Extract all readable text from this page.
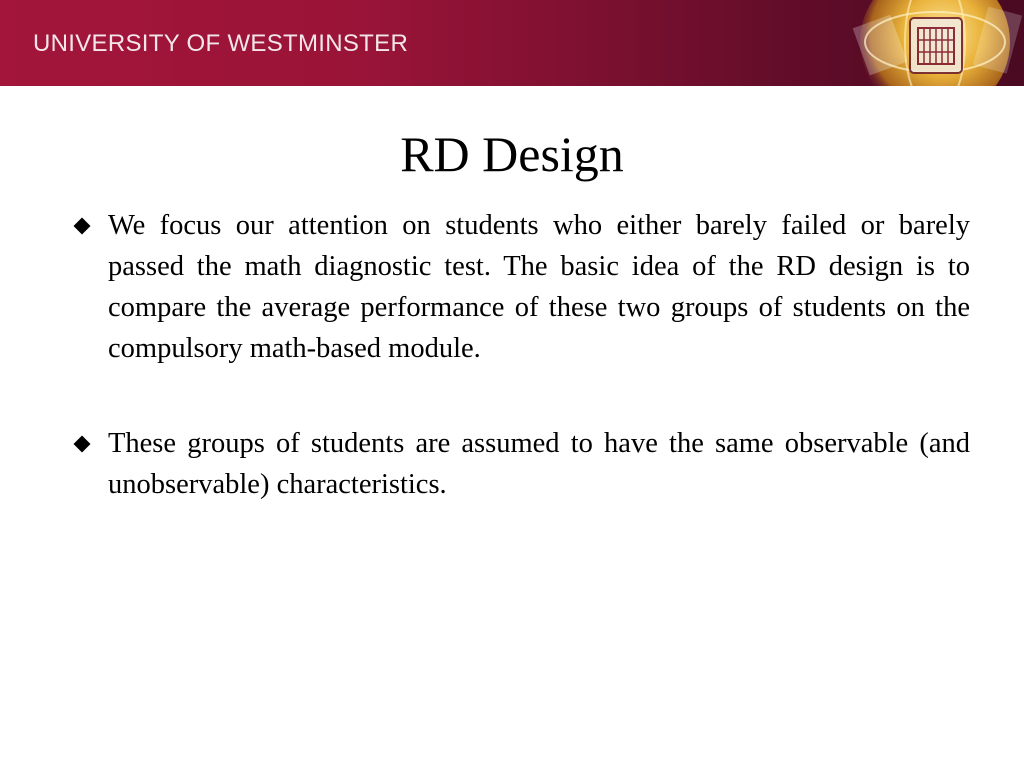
UNIVERSITY OF WESTMINSTER
RD Design
We focus our attention on students who either barely failed or barely passed the math diagnostic test. The basic idea of the RD design is to compare the average performance of these two groups of students on the compulsory math-based module.
These groups of students are assumed to have the same observable (and unobservable) characteristics.
